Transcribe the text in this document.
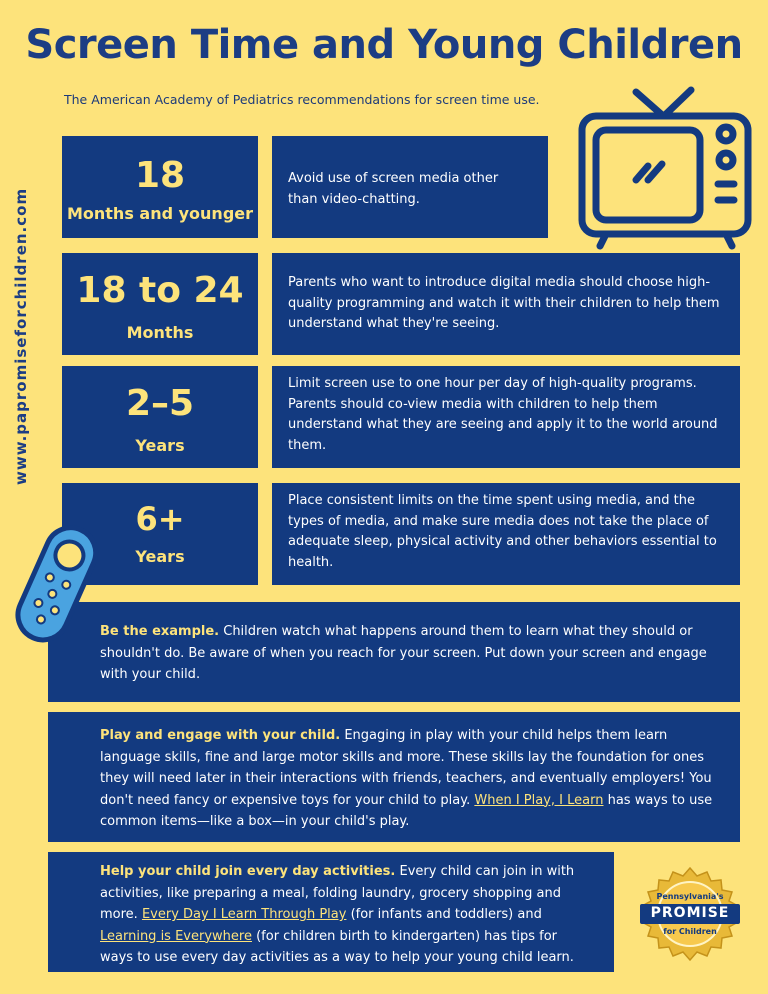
Screen Time and Young Children
The American Academy of Pediatrics recommendations for screen time use.
www.papromiseforchildren.com
18
Months and younger
Avoid use of screen media other than video-chatting.
18 to 24
Months
Parents who want to introduce digital media should choose high-quality programming and watch it with their children to help them understand what they're seeing.
2–5
Years
Limit screen use to one hour per day of high-quality programs. Parents should co-view media with children to help them understand what they are seeing and apply it to the world around them.
6+
Years
Place consistent limits on the time spent using media, and the types of media, and make sure media does not take the place of adequate sleep, physical activity and other behaviors essential to health.
Be the example. Children watch what happens around them to learn what they should or shouldn't do. Be aware of when you reach for your screen. Put down your screen and engage with your child.
Play and engage with your child. Engaging in play with your child helps them learn language skills, fine and large motor skills and more. These skills lay the foundation for ones they will need later in their interactions with friends, teachers, and eventually employers! You don't need fancy or expensive toys for your child to play. When I Play, I Learn has ways to use common items—like a box—in your child's play.
Help your child join every day activities. Every child can join in with activities, like preparing a meal, folding laundry, grocery shopping and more. Every Day I Learn Through Play (for infants and toddlers) and Learning is Everywhere (for children birth to kindergarten) has tips for ways to use every day activities as a way to help your young child learn.
Pennsylvania's
PROMISE
for Children
